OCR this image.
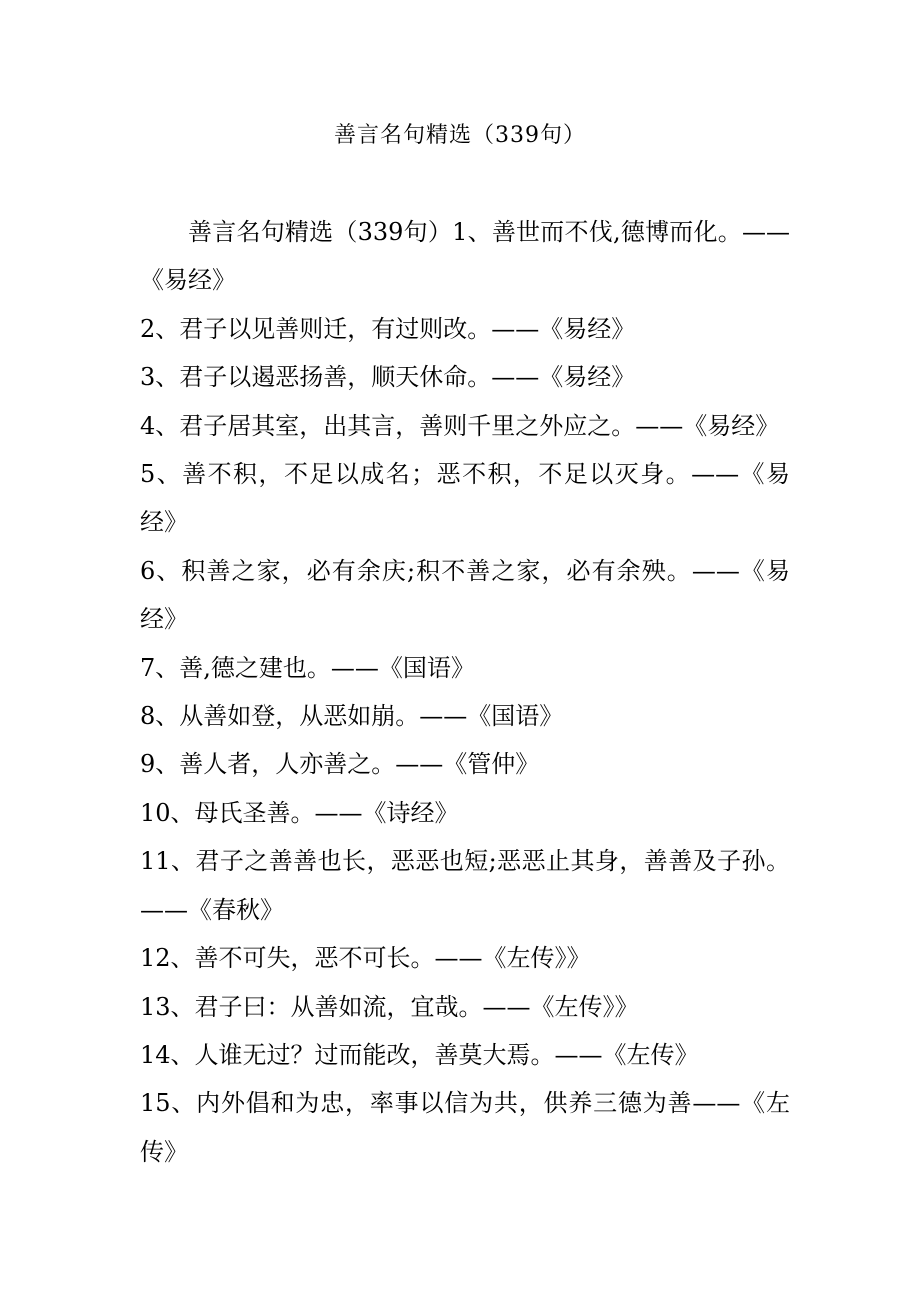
善言名句精选（339句）

善言名句精选（339句）1、善世而不伐,德博而化。——《易经》

2、君子以见善则迁，有过则改。——《易经》

3、君子以遏恶扬善，顺天休命。——《易经》

4、君子居其室，出其言，善则千里之外应之。——《易经》

5、善不积，不足以成名；恶不积，不足以灭身。——《易经》

6、积善之家，必有余庆;积不善之家，必有余殃。——《易经》

7、善,德之建也。——《国语》

8、从善如登，从恶如崩。——《国语》

9、善人者，人亦善之。——《管仲》

10、母氏圣善。——《诗经》

11、君子之善善也长，恶恶也短;恶恶止其身，善善及子孙。——《春秋》

12、善不可失，恶不可长。——《左传》》

13、君子曰：从善如流，宜哉。——《左传》》

14、人谁无过？过而能改，善莫大焉。——《左传》

15、内外倡和为忠，率事以信为共，供养三德为善——《左传》
